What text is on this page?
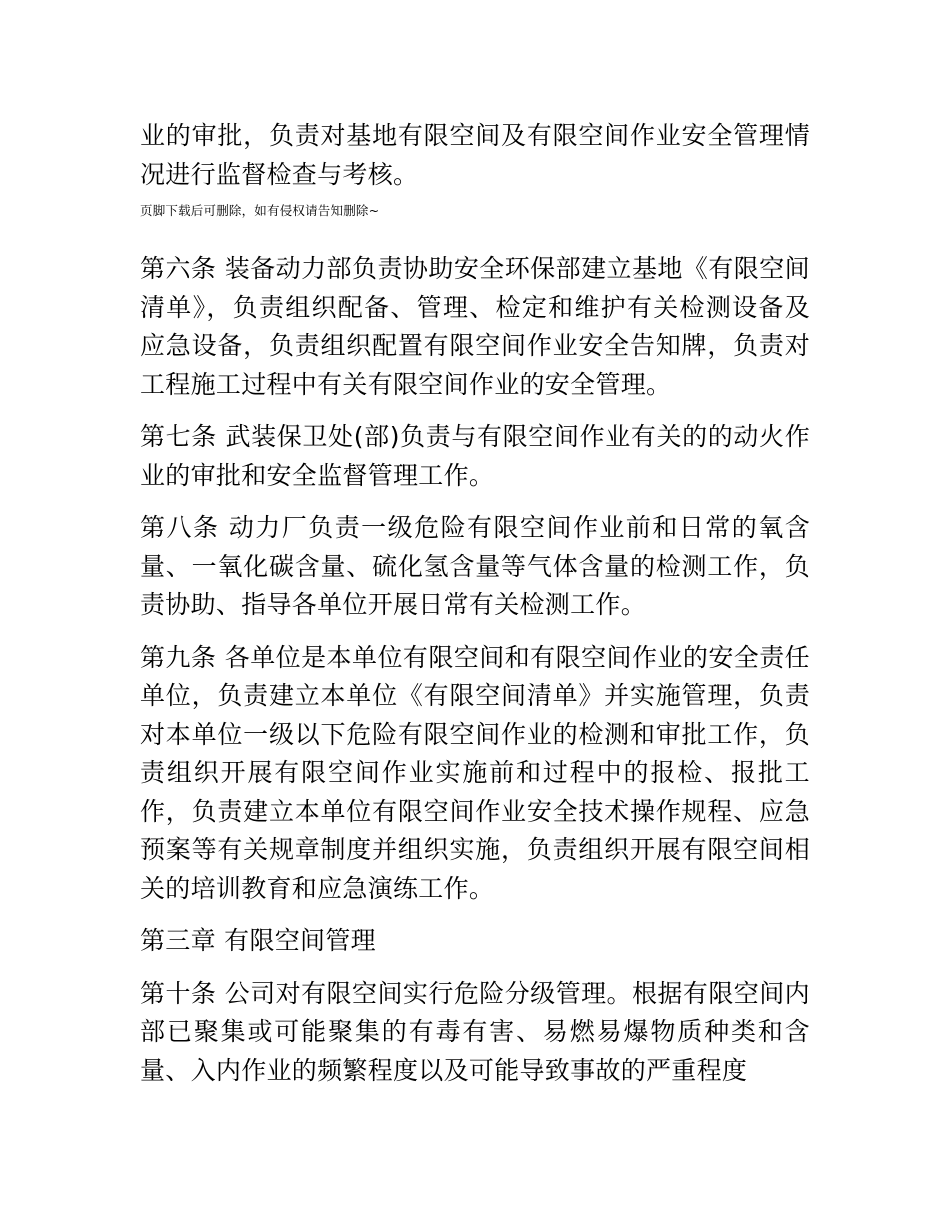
业的审批，负责对基地有限空间及有限空间作业安全管理情况进行监督检查与考核。

页脚下载后可删除，如有侵权请告知删除~

第六条 装备动力部负责协助安全环保部建立基地《有限空间清单》，负责组织配备、管理、检定和维护有关检测设备及应急设备，负责组织配置有限空间作业安全告知牌，负责对工程施工过程中有关有限空间作业的安全管理。

第七条 武装保卫处(部)负责与有限空间作业有关的的动火作业的审批和安全监督管理工作。

第八条 动力厂负责一级危险有限空间作业前和日常的氧含量、一氧化碳含量、硫化氢含量等气体含量的检测工作，负责协助、指导各单位开展日常有关检测工作。

第九条 各单位是本单位有限空间和有限空间作业的安全责任单位，负责建立本单位《有限空间清单》并实施管理，负责对本单位一级以下危险有限空间作业的检测和审批工作，负责组织开展有限空间作业实施前和过程中的报检、报批工作，负责建立本单位有限空间作业安全技术操作规程、应急预案等有关规章制度并组织实施，负责组织开展有限空间相关的培训教育和应急演练工作。

第三章 有限空间管理

第十条 公司对有限空间实行危险分级管理。根据有限空间内部已聚集或可能聚集的有毒有害、易燃易爆物质种类和含量、入内作业的频繁程度以及可能导致事故的严重程度
